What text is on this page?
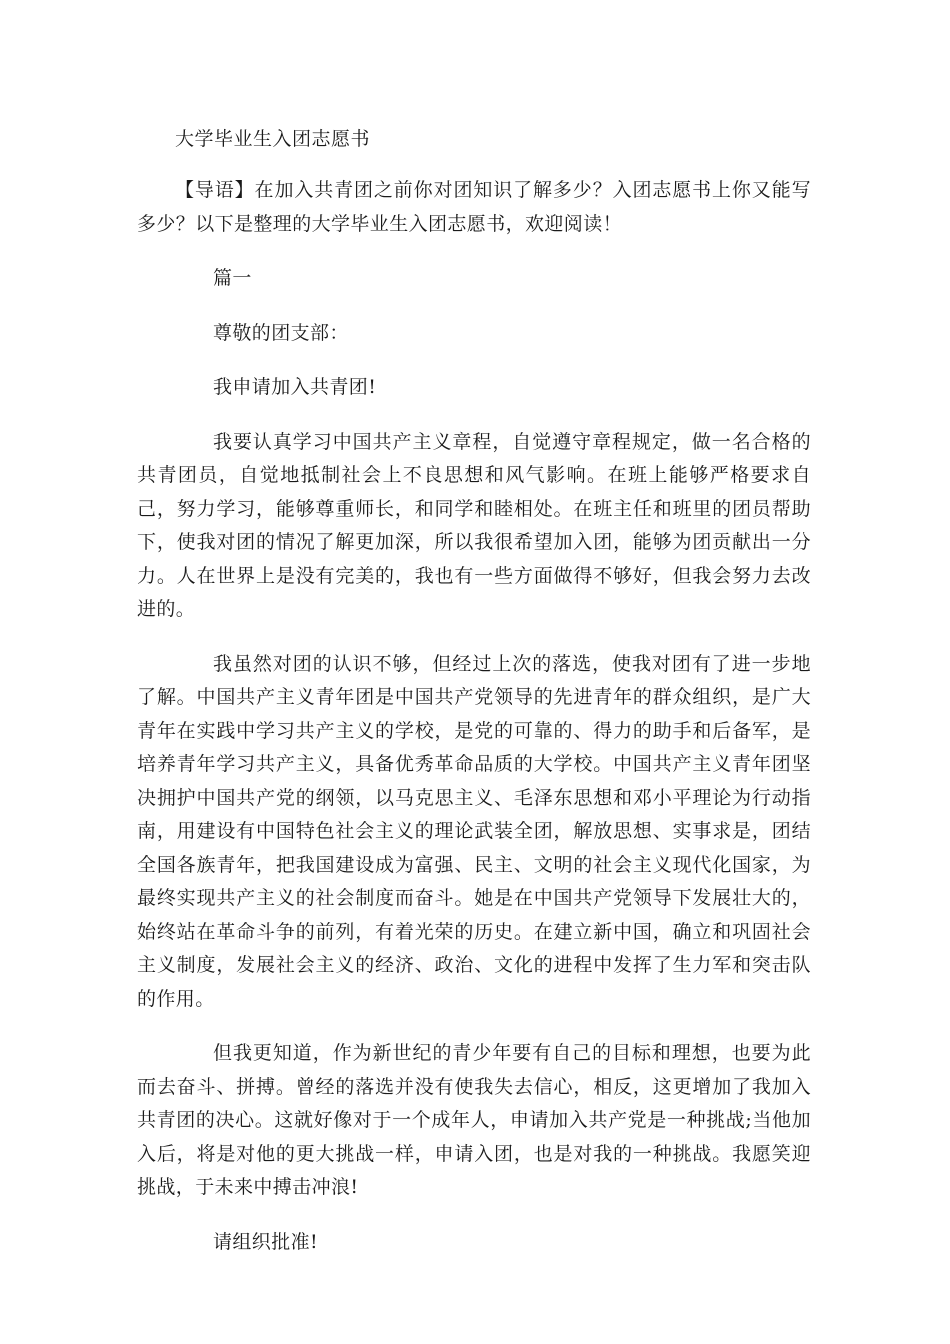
大学毕业生入团志愿书

【导语】在加入共青团之前你对团知识了解多少？入团志愿书上你又能写多少？以下是整理的大学毕业生入团志愿书，欢迎阅读！

篇一

尊敬的团支部：

我申请加入共青团!

我要认真学习中国共产主义章程，自觉遵守章程规定，做一名合格的共青团员，自觉地抵制社会上不良思想和风气影响。在班上能够严格要求自己，努力学习，能够尊重师长，和同学和睦相处。在班主任和班里的团员帮助下，使我对团的情况了解更加深，所以我很希望加入团，能够为团贡献出一分力。人在世界上是没有完美的，我也有一些方面做得不够好，但我会努力去改进的。

我虽然对团的认识不够，但经过上次的落选，使我对团有了进一步地了解。中国共产主义青年团是中国共产党领导的先进青年的群众组织，是广大青年在实践中学习共产主义的学校，是党的可靠的、得力的助手和后备军，是培养青年学习共产主义，具备优秀革命品质的大学校。中国共产主义青年团坚决拥护中国共产党的纲领，以马克思主义、毛泽东思想和邓小平理论为行动指南，用建设有中国特色社会主义的理论武装全团，解放思想、实事求是，团结全国各族青年，把我国建设成为富强、民主、文明的社会主义现代化国家，为最终实现共产主义的社会制度而奋斗。她是在中国共产党领导下发展壮大的，始终站在革命斗争的前列，有着光荣的历史。在建立新中国，确立和巩固社会主义制度，发展社会主义的经济、政治、文化的进程中发挥了生力军和突击队的作用。

但我更知道，作为新世纪的青少年要有自己的目标和理想，也要为此而去奋斗、拼搏。曾经的落选并没有使我失去信心，相反，这更增加了我加入共青团的决心。这就好像对于一个成年人，申请加入共产党是一种挑战;当他加入后，将是对他的更大挑战一样，申请入团，也是对我的一种挑战。我愿笑迎挑战，于未来中搏击冲浪!

请组织批准!
